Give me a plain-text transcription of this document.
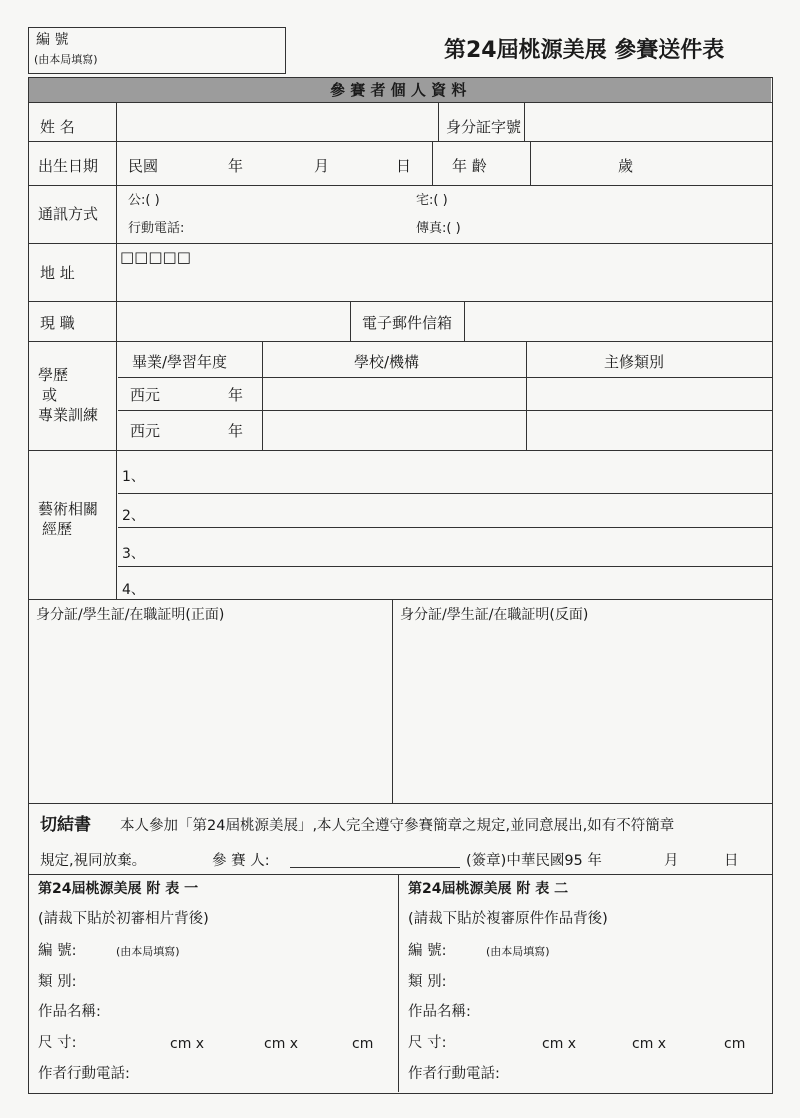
編 號
(由本局填寫)	第24屆桃源美展 參賽送件表
參 賽 者 個 人 資 料
姓 名	身分証字號
出生日期 民國	年	月	日	年 齡	歲
通訊方式
公:( )	宅:( )
行動電話:	傳真:( )
地 址
□□□□□
現 職	電子郵件信箱
學歷
或
專業訓練
畢業/學習年度	學校/機構	主修類別
西元	年
西元	年
藝術相關
經歷
1、
2、
3、
4、
身分証/學生証/在職証明(正面)	身分証/學生証/在職証明(反面)
切結書 本人參加「第24屆桃源美展」,本人完全遵守參賽簡章之規定,並同意展出,如有不符簡章
規定,視同放棄。	參 賽 人:	(簽章)中華民國95 年	月	日
第24屆桃源美展 附 表 一
(請裁下貼於初審相片背後)
編 號:	(由本局填寫)
類 別:
作品名稱:
尺 寸:	cm x	cm x	cm
作者行動電話:
第24屆桃源美展 附 表 二
(請裁下貼於複審原件作品背後)
編 號:	(由本局填寫)
類 別:
作品名稱:
尺 寸:	cm x	cm x	cm
作者行動電話:
